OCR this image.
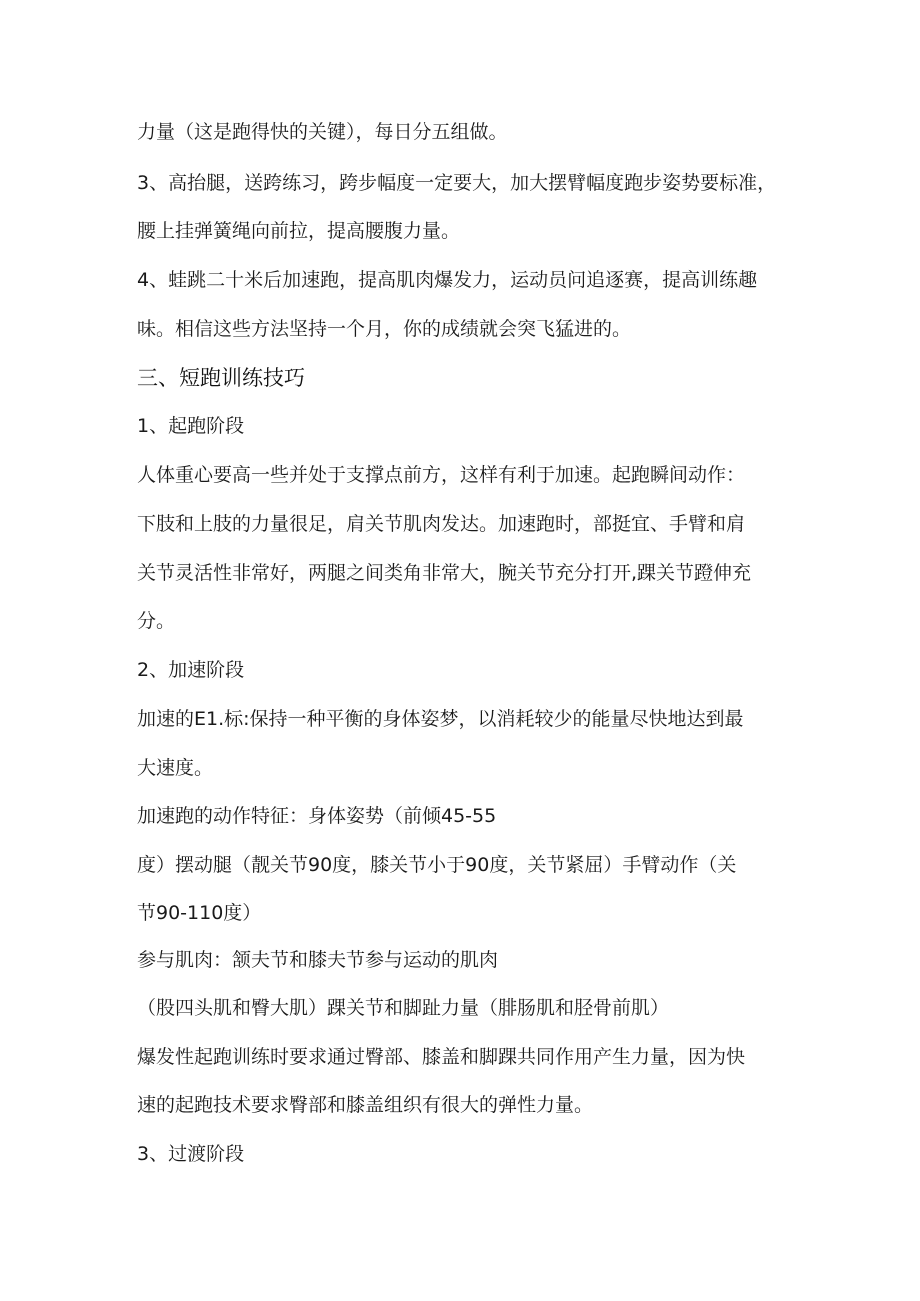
力量（这是跑得快的关键），每日分五组做。
3、高抬腿，送跨练习，跨步幅度一定要大，加大摆臂幅度跑步姿势要标准，
腰上挂弹簧绳向前拉，提高腰腹力量。
4、蛙跳二十米后加速跑，提高肌肉爆发力，运动员问追逐赛，提高训练趣
味。相信这些方法坚持一个月，你的成绩就会突飞猛进的。
三、短跑训练技巧
1、起跑阶段
人体重心要高一些并处于支撑点前方，这样有利于加速。起跑瞬间动作：
下肢和上肢的力量很足，肩关节肌肉发达。加速跑时，部挺宜、手臂和肩
关节灵活性非常好，两腿之间类角非常大，腕关节充分打开,踝关节蹬伸充
分。
2、加速阶段
加速的E1.标:保持一种平衡的身体姿梦，以消耗较少的能量尽快地达到最
大速度。
加速跑的动作特征：身体姿势（前倾45-55
度）摆动腿（靓关节90度，膝关节小于90度，关节紧屈）手臂动作（关
节90-110度）
参与肌肉：颔夫节和膝夫节参与运动的肌肉
（股四头肌和臀大肌）踝关节和脚趾力量（腓肠肌和胫骨前肌）
爆发性起跑训练时要求通过臀部、膝盖和脚踝共同作用产生力量，因为快
速的起跑技术要求臀部和膝盖组织有很大的弹性力量。
3、过渡阶段
